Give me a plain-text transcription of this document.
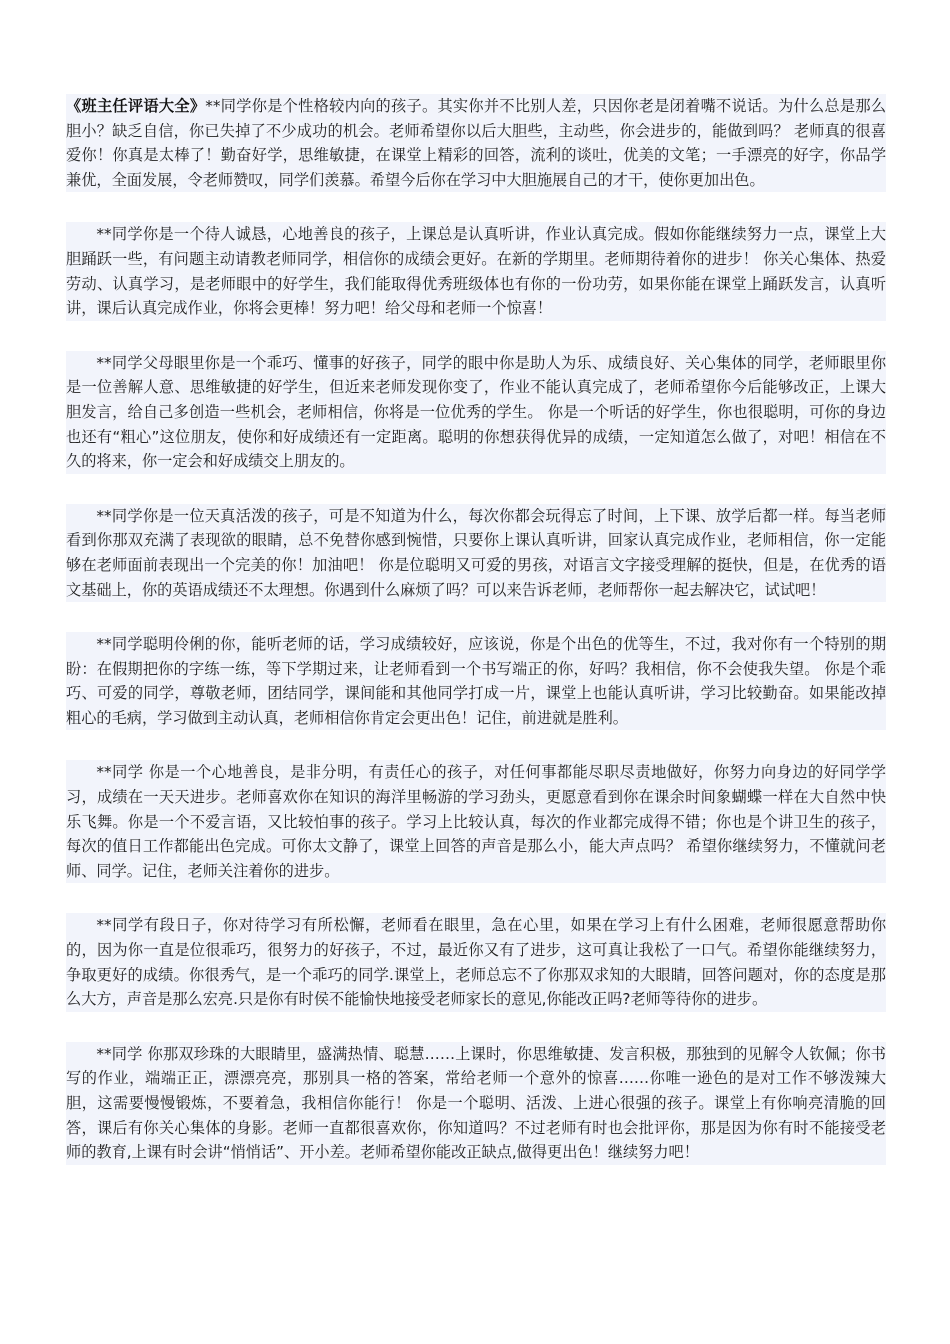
《班主任评语大全》**同学你是个性格较内向的孩子。其实你并不比别人差，只因你老是闭着嘴不说话。为什么总是那么胆小？缺乏自信，你已失掉了不少成功的机会。老师希望你以后大胆些，主动些，你会进步的，能做到吗？ 老师真的很喜爱你！你真是太棒了！勤奋好学，思维敏捷，在课堂上精彩的回答，流利的谈吐，优美的文笔；一手漂亮的好字，你品学兼优，全面发展，令老师赞叹，同学们羡慕。希望今后你在学习中大胆施展自己的才干，使你更加出色。

**同学你是一个待人诚恳，心地善良的孩子，上课总是认真听讲，作业认真完成。假如你能继续努力一点，课堂上大胆踊跃一些，有问题主动请教老师同学，相信你的成绩会更好。在新的学期里。老师期待着你的进步！ 你关心集体、热爱劳动、认真学习，是老师眼中的好学生，我们能取得优秀班级体也有你的一份功劳，如果你能在课堂上踊跃发言，认真听讲，课后认真完成作业，你将会更棒！努力吧！给父母和老师一个惊喜！

**同学父母眼里你是一个乖巧、懂事的好孩子，同学的眼中你是助人为乐、成绩良好、关心集体的同学，老师眼里你是一位善解人意、思维敏捷的好学生，但近来老师发现你变了，作业不能认真完成了，老师希望你今后能够改正，上课大胆发言，给自己多创造一些机会，老师相信，你将是一位优秀的学生。 你是一个听话的好学生，你也很聪明，可你的身边也还有“粗心”这位朋友，使你和好成绩还有一定距离。聪明的你想获得优异的成绩，一定知道怎么做了，对吧！相信在不久的将来，你一定会和好成绩交上朋友的。

**同学你是一位天真活泼的孩子，可是不知道为什么，每次你都会玩得忘了时间，上下课、放学后都一样。每当老师看到你那双充满了表现欲的眼睛，总不免替你感到惋惜，只要你上课认真听讲，回家认真完成作业，老师相信，你一定能够在老师面前表现出一个完美的你！加油吧！ 你是位聪明又可爱的男孩，对语言文字接受理解的挺快，但是，在优秀的语文基础上，你的英语成绩还不太理想。你遇到什么麻烦了吗？可以来告诉老师，老师帮你一起去解决它，试试吧！

**同学聪明伶俐的你，能听老师的话，学习成绩较好，应该说，你是个出色的优等生，不过，我对你有一个特别的期盼：在假期把你的字练一练，等下学期过来，让老师看到一个书写端正的你，好吗？我相信，你不会使我失望。 你是个乖巧、可爱的同学，尊敬老师，团结同学，课间能和其他同学打成一片，课堂上也能认真听讲，学习比较勤奋。如果能改掉粗心的毛病，学习做到主动认真，老师相信你肯定会更出色！记住，前进就是胜利。

**同学 你是一个心地善良，是非分明，有责任心的孩子，对任何事都能尽职尽责地做好，你努力向身边的好同学学习，成绩在一天天进步。老师喜欢你在知识的海洋里畅游的学习劲头，更愿意看到你在课余时间象蝴蝶一样在大自然中快乐飞舞。你是一个不爱言语，又比较怕事的孩子。学习上比较认真，每次的作业都完成得不错；你也是个讲卫生的孩子，每次的值日工作都能出色完成。可你太文静了，课堂上回答的声音是那么小，能大声点吗？ 希望你继续努力，不懂就问老师、同学。记住，老师关注着你的进步。

**同学有段日子，你对待学习有所松懈，老师看在眼里，急在心里，如果在学习上有什么困难，老师很愿意帮助你的，因为你一直是位很乖巧，很努力的好孩子，不过，最近你又有了进步，这可真让我松了一口气。希望你能继续努力，争取更好的成绩。你很秀气，是一个乖巧的同学.课堂上，老师总忘不了你那双求知的大眼睛，回答问题对，你的态度是那么大方，声音是那么宏亮.只是你有时侯不能愉快地接受老师家长的意见,你能改正吗?老师等待你的进步。

**同学 你那双珍珠的大眼睛里，盛满热情、聪慧……上课时，你思维敏捷、发言积极，那独到的见解令人钦佩；你书写的作业，端端正正，漂漂亮亮，那别具一格的答案，常给老师一个意外的惊喜……你唯一逊色的是对工作不够泼辣大胆，这需要慢慢锻炼，不要着急，我相信你能行！ 你是一个聪明、活泼、上进心很强的孩子。课堂上有你响亮清脆的回答，课后有你关心集体的身影。老师一直都很喜欢你，你知道吗？不过老师有时也会批评你，那是因为你有时不能接受老师的教育,上课有时会讲“悄悄话”、开小差。老师希望你能改正缺点,做得更出色！继续努力吧！
